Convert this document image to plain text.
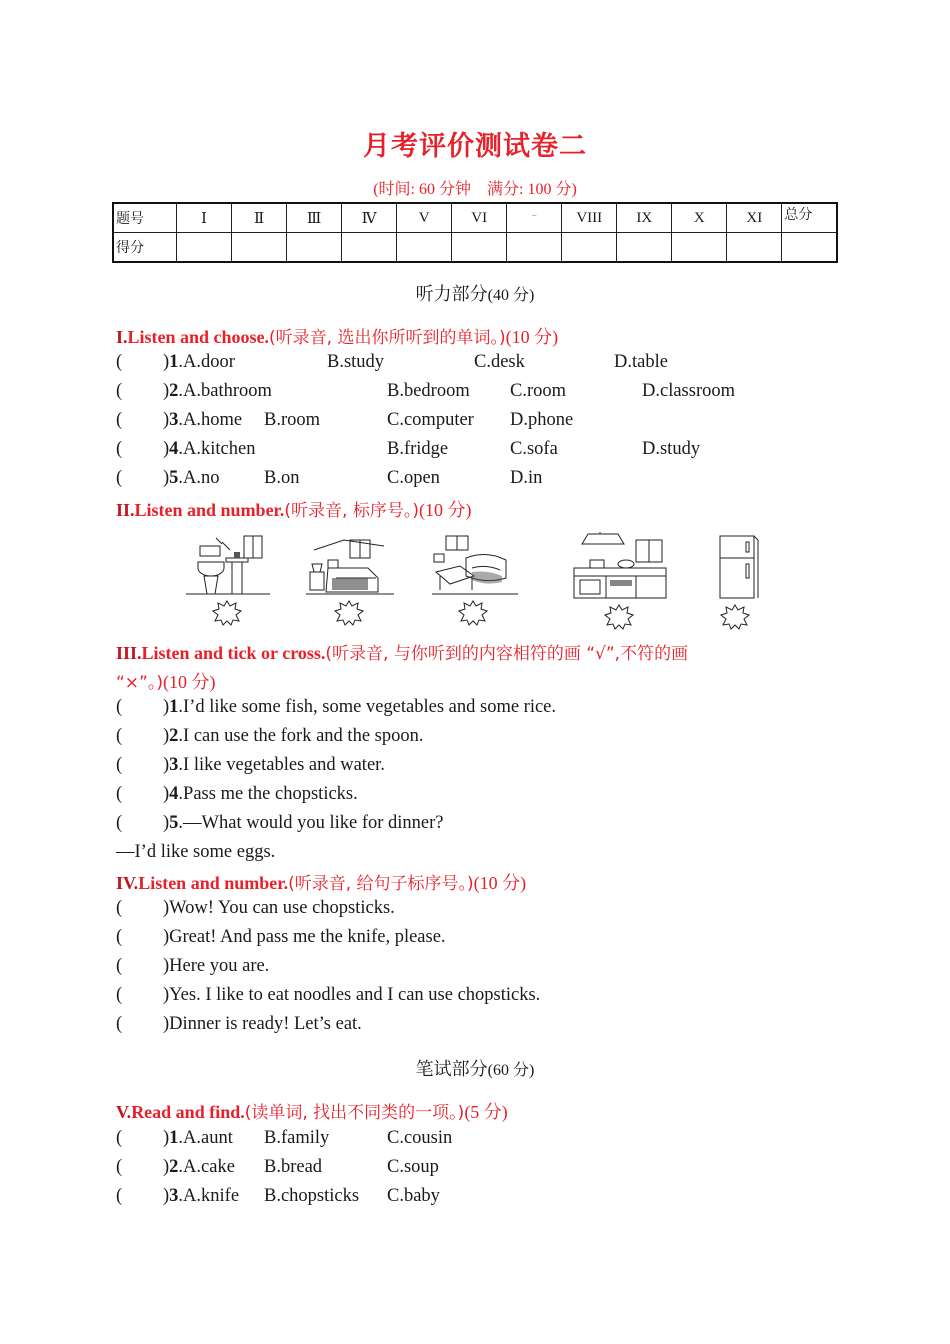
月考评价测试卷二
(时间: 60 分钟　满分: 100 分)
题号	Ⅰ	Ⅱ	Ⅲ	Ⅳ	V	VI	ˇˇ	VIII	IX	X	XI	总分
得分												
听力部分(40 分)
I.Listen and choose.(听录音, 选出你所听到的单词。)(10 分)
( )1.A.door	B.study	C.desk	D.table
( )2.A.bathroom	B.bedroom C.room	D.classroom
( )3.A.home B.room	C.computer D.phone
( )4.A.kitchen	B.fridge	C.sofa	D.study
( )5.A.no B.on	C.open	D.in
II.Listen and number.(听录音, 标序号。)(10 分)
III.Listen and tick or cross.(听录音, 与你听到的内容相符的画 “√”,不符的画
“×”。)(10 分)
( )1.I’d like some fish, some vegetables and some rice.
( )2.I can use the fork and the spoon.
( )3.I like vegetables and water.
( )4.Pass me the chopsticks.
( )5.—What would you like for dinner?
—I’d like some eggs.
IV.Listen and number.(听录音, 给句子标序号。)(10 分)
( )Wow! You can use chopsticks.
( )Great! And pass me the knife, please.
( )Here you are.
( )Yes. I like to eat noodles and I can use chopsticks.
( )Dinner is ready! Let’s eat.
笔试部分(60 分)
V.Read and find.(读单词, 找出不同类的一项。)(5 分)
( )1.A.aunt B.family	C.cousin
( )2.A.cake B.bread	C.soup
( )3.A.knife B.chopsticks C.baby
